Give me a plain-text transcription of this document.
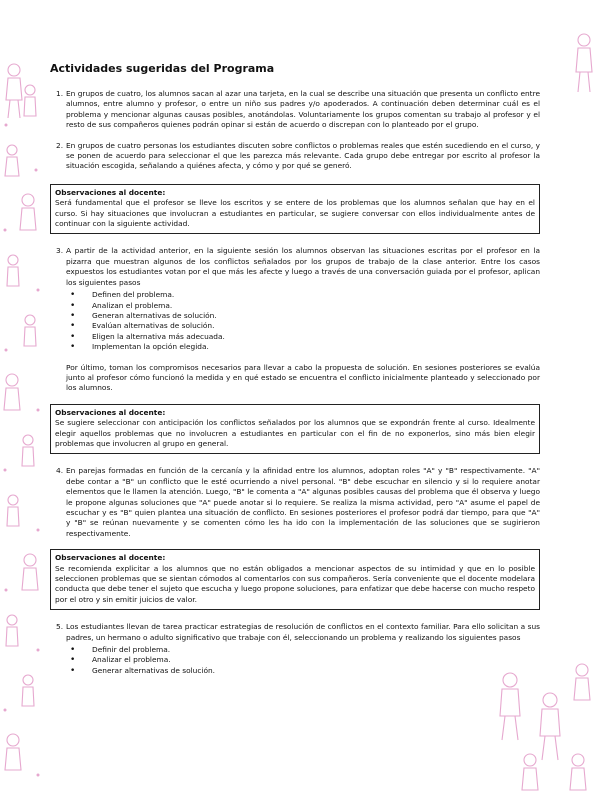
Actividades sugeridas del Programa
1. En grupos de cuatro, los alumnos sacan al azar una tarjeta, en la cual se describe una situación que presenta un conflicto entre alumnos, entre alumno y profesor, o entre un niño sus padres y/o apoderados. A continuación deben determinar cuál es el problema y mencionar algunas causas posibles, anotándolas. Voluntariamente los grupos comentan su trabajo al profesor y el resto de sus compañeros quienes podrán opinar si están de acuerdo o discrepan con lo planteado por el grupo.

2. En grupos de cuatro personas los estudiantes discuten sobre conflictos o problemas reales que estén sucediendo en el curso, y se ponen de acuerdo para seleccionar el que les parezca más relevante. Cada grupo debe entregar por escrito al profesor la situación escogida, señalando a quiénes afecta, y cómo y por qué se generó.

Observaciones al docente:
Será fundamental que el profesor se lleve los escritos y se entere de los problemas que los alumnos señalan que hay en el curso. Si hay situaciones que involucran a estudiantes en particular, se sugiere conversar con ellos individualmente antes de continuar con la siguiente actividad.
3. A partir de la actividad anterior, en la siguiente sesión los alumnos observan las situaciones escritas por el profesor en la pizarra que muestran algunos de los conflictos señalados por los grupos de trabajo de la clase anterior. Entre los casos expuestos los estudiantes votan por el que más les afecte y luego a través de una conversación guiada por el profesor, aplican los siguientes pasos

• Definen del problema.
• Analizan el problema.
• Generan alternativas de solución.
• Evalúan alternativas de solución.
• Eligen la alternativa más adecuada.
• Implementan la opción elegida.

Por último, toman los compromisos necesarios para llevar a cabo la propuesta de solución. En sesiones posteriores se evalúa junto al profesor cómo funcionó la medida y en qué estado se encuentra el conflicto inicialmente planteado y seleccionado por los alumnos.

Observaciones al docente:
Se sugiere seleccionar con anticipación los conflictos señalados por los alumnos que se expondrán frente al curso. Idealmente elegir aquellos problemas que no involucren a estudiantes en particular con el fin de no exponerlos, sino más bien elegir problemas que involucren al grupo en general.
4. En parejas formadas en función de la cercanía y la afinidad entre los alumnos, adoptan roles "A" y "B" respectivamente. "A" debe contar a "B" un conflicto que le esté ocurriendo a nivel personal. "B" debe escuchar en silencio y si lo requiere anotar elementos que le llamen la atención. Luego, "B" le comenta a "A" algunas posibles causas del problema que él observa y luego le propone algunas soluciones que "A" puede anotar si lo requiere. Se realiza la misma actividad, pero "A" asume el papel de escuchar y es "B" quien plantea una situación de conflicto. En sesiones posteriores el profesor podrá dar tiempo, para que "A" y "B" se reúnan nuevamente y se comenten cómo les ha ido con la implementación de las soluciones que se sugirieron respectivamente.

Observaciones al docente:
Se recomienda explicitar a los alumnos que no están obligados a mencionar aspectos de su intimidad y que en lo posible seleccionen problemas que se sientan cómodos al comentarlos con sus compañeros. Sería conveniente que el docente modelara conducta que debe tener el sujeto que escucha y luego propone soluciones, para enfatizar que debe hacerse con mucho respeto por el otro y sin emitir juicios de valor.
5. Los estudiantes llevan de tarea practicar estrategias de resolución de conflictos en el contexto familiar. Para ello solicitan a sus padres, un hermano o adulto significativo que trabaje con él, seleccionando un problema y realizando los siguientes pasos

• Definir del problema.
• Analizar el problema.
• Generar alternativas de solución.
